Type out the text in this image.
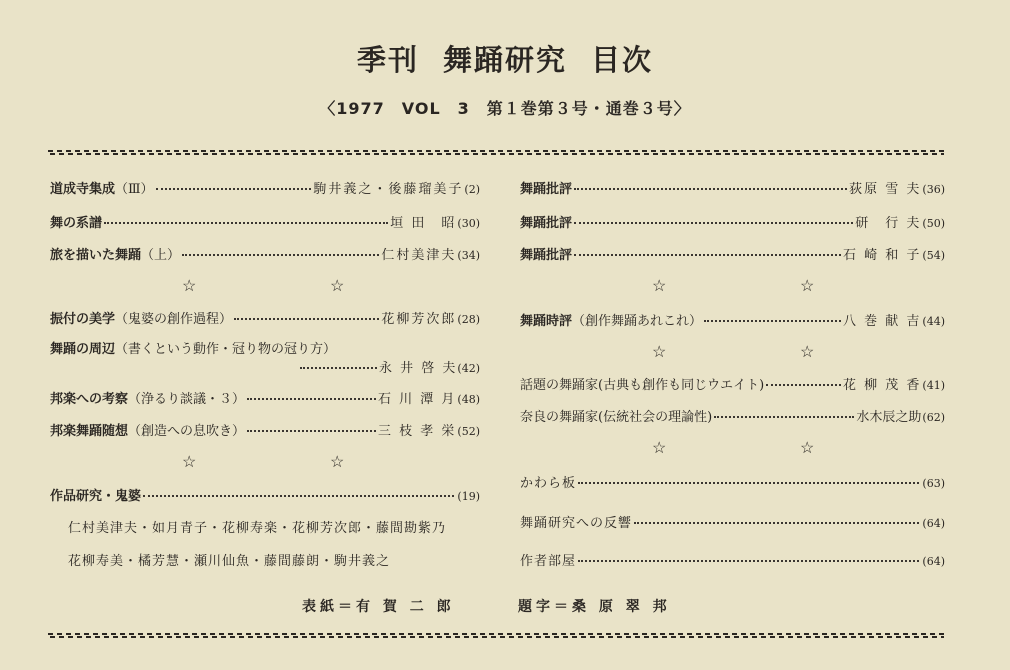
季刊 舞踊研究 目次
〈1977　VOL　3　第１巻第３号・通巻３号〉
道成寺集成 （Ⅲ）	駒井義之・後藤瑠美子 (2)
舞の系譜	垣 田　昭 (30)
旅を描いた舞踊 （上）	仁村美津夫 (34)
☆	☆
振付の美学 （鬼婆の創作過程）	花柳芳次郎 (28)
舞踊の周辺 （書くという動作・冠り物の冠り方）
永 井 啓 夫 (42)
邦楽への考察 （浄るり談議・３）	石 川 潭 月 (48)
邦楽舞踊随想 （創造への息吹き）	三 枝 孝 栄 (52)
☆	☆
作品研究・鬼婆	(19)
仁村美津夫・如月青子・花柳寿楽・花柳芳次郎・藤間勘紫乃
花柳寿美・橘芳慧・瀬川仙魚・藤間藤朗・駒井義之
舞踊批評	荻原 雪 夫 (36)
舞踊批評	研　行 夫 (50)
舞踊批評	石 崎 和 子 (54)
☆	☆
舞踊時評 （創作舞踊あれこれ）	八 巻 献 吉 (44)
☆	☆
話題の舞踊家 (古典も創作も同じウエイト)	花 柳 茂 香 (41)
奈良の舞踊家 (伝統社会の理論性)	水木辰之助 (62)
☆	☆
かわら板	(63)
舞踊研究への反響	(64)
作者部屋	(64)
表紙＝有 賀 二 郎	題字＝桑 原 翠 邦
